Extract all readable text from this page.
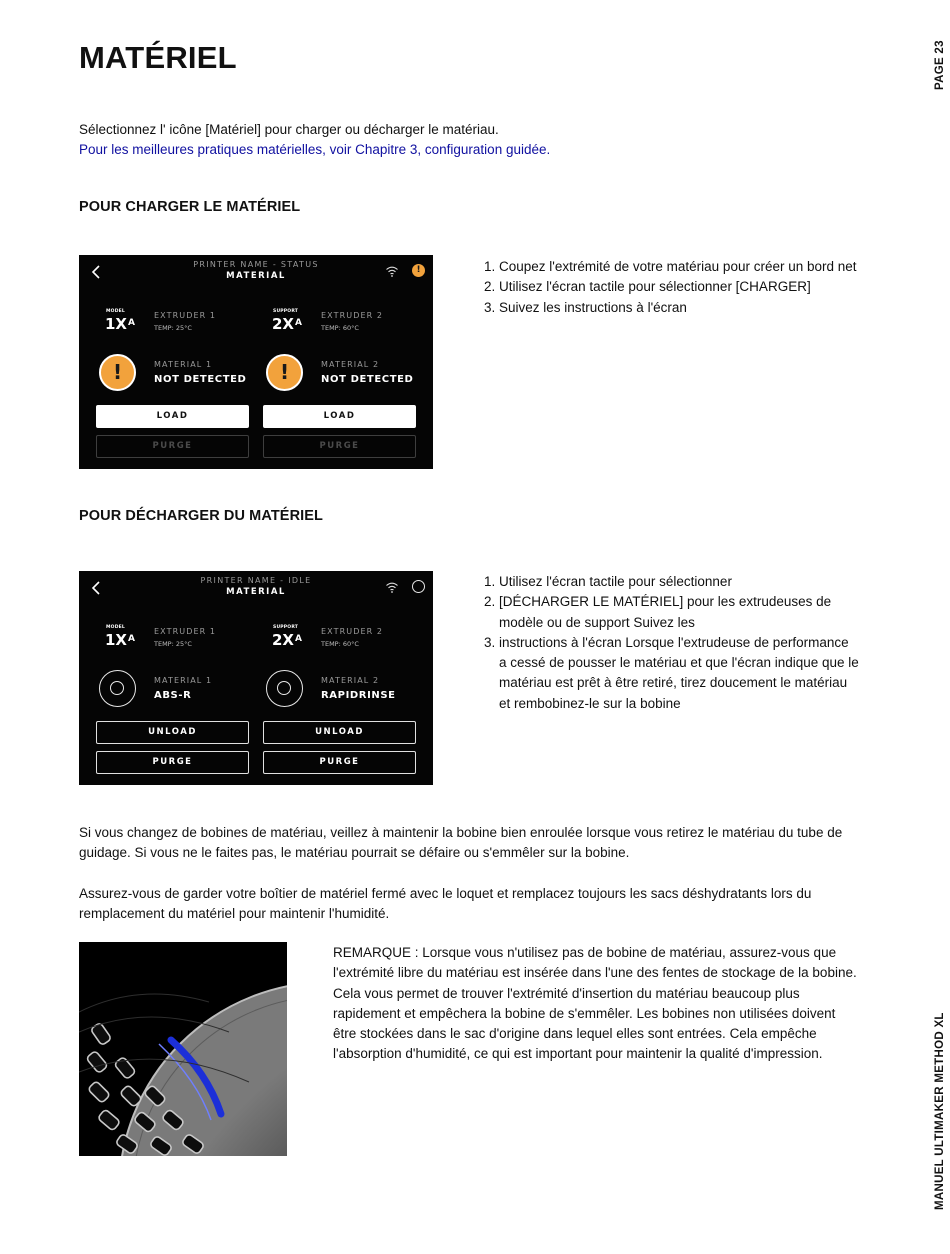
MATÉRIEL	PAGE 23
MANUEL ULTIMAKER METHOD XL

Sélectionnez l' icône [Matériel] pour charger ou décharger le matériau.
Pour les meilleures pratiques matérielles, voir Chapitre 3, configuration guidée.

POUR CHARGER LE MATÉRIEL
PRINTER NAME - STATUS
MATERIAL
!
MODEL
$1X^A$
EXTRUDER 1
TEMP: 25°C
!	MATERIAL 1
NOT DETECTED
LOAD
PURGE
SUPPORT
$2X^A$
EXTRUDER 2
TEMP: 60°C
!	MATERIAL 2
NOT DETECTED
LOAD
PURGE
1. Coupez l'extrémité de votre matériau pour créer un bord net
2. Utilisez l'écran tactile pour sélectionner [CHARGER]
3. Suivez les instructions à l'écran
POUR DÉCHARGER DU MATÉRIEL
PRINTER NAME - IDLE
MATERIAL
MODEL
$1X^A$
EXTRUDER 1
TEMP: 25°C
MATERIAL 1
ABS-R
UNLOAD
PURGE
SUPPORT
$2X^A$
EXTRUDER 2
TEMP: 60°C
MATERIAL 2
RAPIDRINSE
UNLOAD
PURGE
1. Utilisez l'écran tactile pour sélectionner
2. [DÉCHARGER LE MATÉRIEL] pour les extrudeuses de modèle ou de support Suivez les
3. instructions à l'écran Lorsque l'extrudeuse de performance a cessé de pousser le matériau et que l'écran indique que le matériau est prêt à être retiré, tirez doucement le matériau et rembobinez-le sur la bobine

Si vous changez de bobines de matériau, veillez à maintenir la bobine bien enroulée lorsque vous retirez le matériau du tube de guidage. Si vous ne le faites pas, le matériau pourrait se défaire ou s'emmêler sur la bobine.

Assurez-vous de garder votre boîtier de matériel fermé avec le loquet et remplacez toujours les sacs déshydratants lors du remplacement du matériel pour maintenir l'humidité.

REMARQUE : Lorsque vous n'utilisez pas de bobine de matériau, assurez-vous que l'extrémité libre du matériau est insérée dans l'une des fentes de stockage de la bobine. Cela vous permet de trouver l'extrémité d'insertion du matériau beaucoup plus rapidement et empêchera la bobine de s'emmêler. Les bobines non utilisées doivent être stockées dans le sac d'origine dans lequel elles sont entrées. Cela empêche l'absorption d'humidité, ce qui est important pour maintenir la qualité d'impression.
